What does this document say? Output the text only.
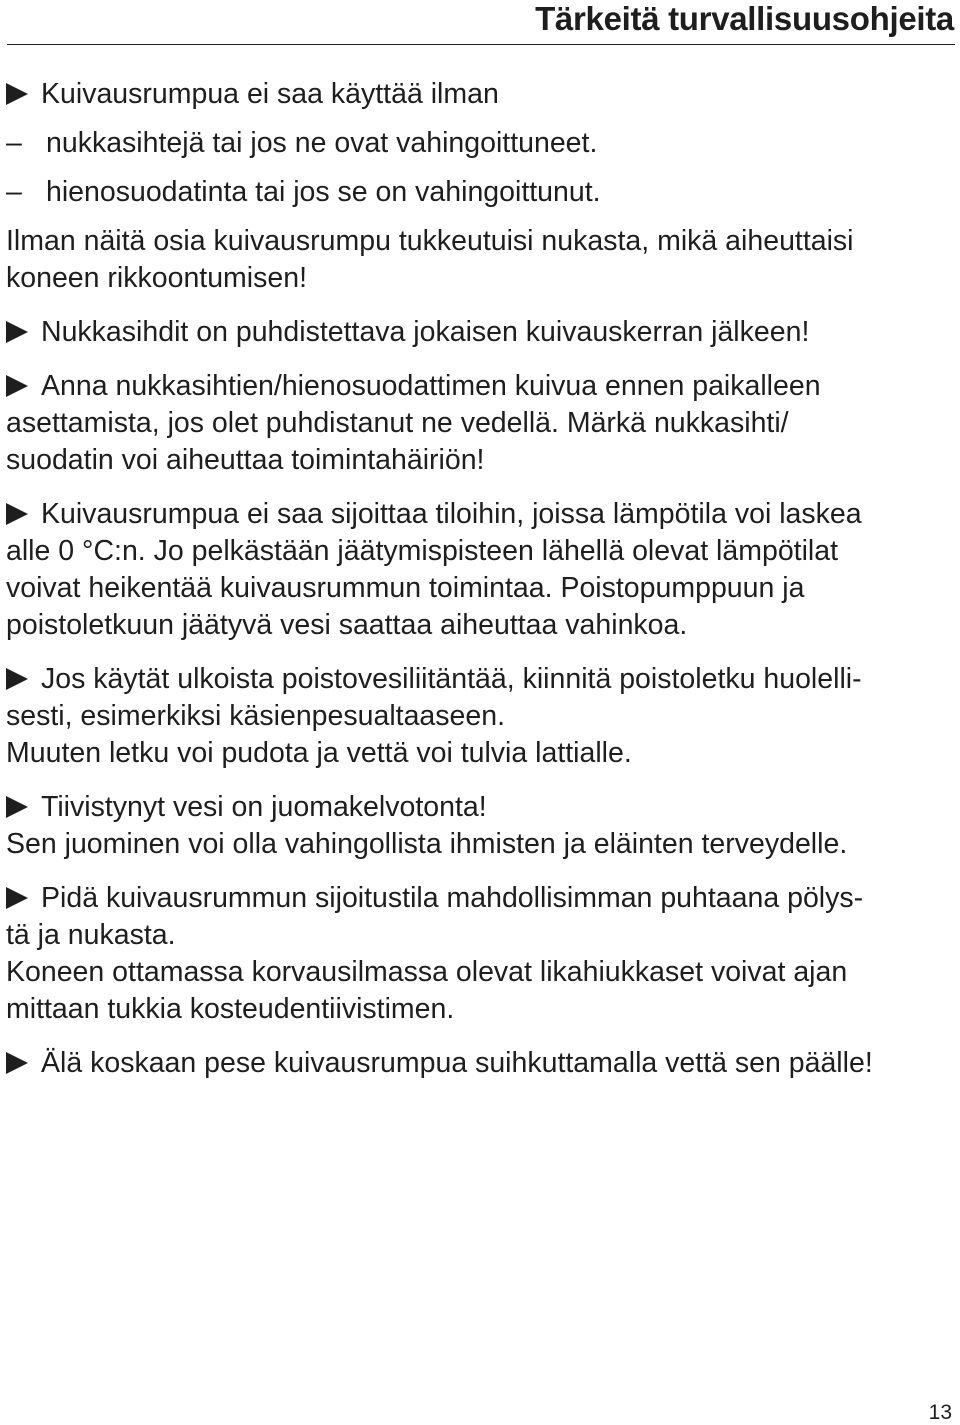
Tärkeitä turvallisuusohjeita
Kuivausrumpua ei saa käyttää ilman
– nukkasihtejä tai jos ne ovat vahingoittuneet.
– hienosuodatinta tai jos se on vahingoittunut.
Ilman näitä osia kuivausrumpu tukkeutuisi nukasta, mikä aiheuttaisi
koneen rikkoontumisen!
Nukkasihdit on puhdistettava jokaisen kuivauskerran jälkeen!
Anna nukkasihtien/hienosuodattimen kuivua ennen paikalleen
asettamista, jos olet puhdistanut ne vedellä. Märkä nukkasihti/
suodatin voi aiheuttaa toimintahäiriön!
Kuivausrumpua ei saa sijoittaa tiloihin, joissa lämpötila voi laskea
alle 0 °C:n. Jo pelkästään jäätymispisteen lähellä olevat lämpötilat
voivat heikentää kuivausrummun toimintaa. Poistopumppuun ja
poistoletkuun jäätyvä vesi saattaa aiheuttaa vahinkoa.
Jos käytät ulkoista poistovesiliitäntää, kiinnitä poistoletku huolelli-
sesti, esimerkiksi käsienpesualtaaseen.
Muuten letku voi pudota ja vettä voi tulvia lattialle.
Tiivistynyt vesi on juomakelvotonta!
Sen juominen voi olla vahingollista ihmisten ja eläinten terveydelle.
Pidä kuivausrummun sijoitustila mahdollisimman puhtaana pölys-
tä ja nukasta.
Koneen ottamassa korvausilmassa olevat likahiukkaset voivat ajan
mittaan tukkia kosteudentiivistimen.
Älä koskaan pese kuivausrumpua suihkuttamalla vettä sen päälle!
13
